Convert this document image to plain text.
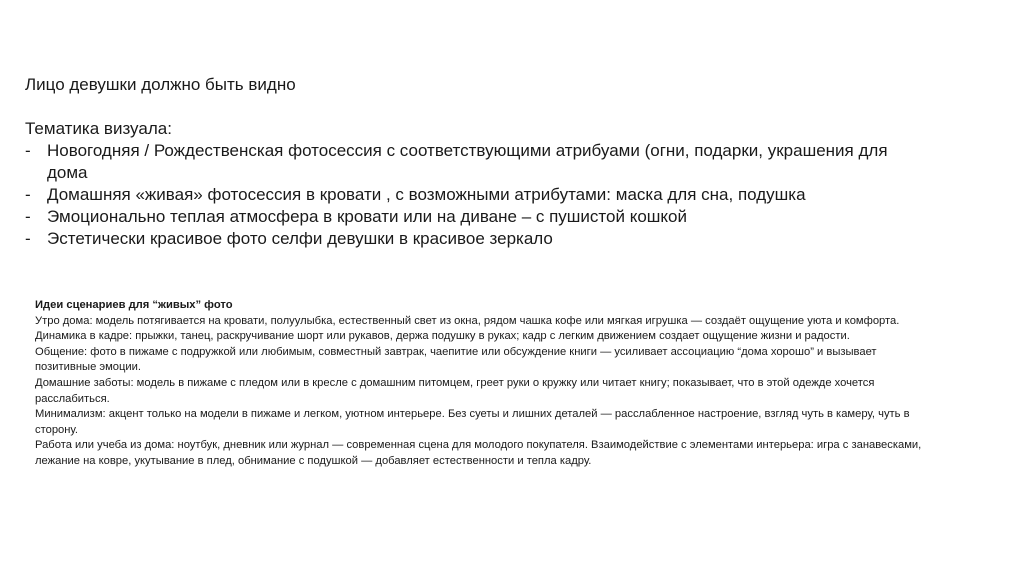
Лицо девушки должно быть видно

Тематика визуала:

- Новогодняя / Рождественская фотосессия с соответствующими атрибуами (огни, подарки, украшения для
дома
- Домашняя «живая» фотосессия в кровати , с возможными атрибутами: маска для сна, подушка
- Эмоционально теплая атмосфера в кровати или на диване – с пушистой кошкой
- Эстетически красивое фото селфи девушки в красивое зеркало

Идеи сценариев для “живых” фото

Утро дома: модель потягивается на кровати, полуулыбка, естественный свет из окна, рядом чашка кофе или мягкая игрушка — создаёт ощущение уюта и комфорта.

Динамика в кадре: прыжки, танец, раскручивание шорт или рукавов, держа подушку в руках; кадр с легким движением создает ощущение жизни и радости.

Общение: фото в пижаме с подружкой или любимым, совместный завтрак, чаепитие или обсуждение книги — усиливает ассоциацию “дома хорошо” и вызывает

позитивные эмоции.

Домашние заботы: модель в пижаме с пледом или в кресле с домашним питомцем, греет руки о кружку или читает книгу; показывает, что в этой одежде хочется

расслабиться.

Минимализм: акцент только на модели в пижаме и легком, уютном интерьере. Без суеты и лишних деталей — расслабленное настроение, взгляд чуть в камеру, чуть в

сторону.

Работа или учеба из дома: ноутбук, дневник или журнал — современная сцена для молодого покупателя. Взаимодействие с элементами интерьера: игра с занавесками,

лежание на ковре, укутывание в плед, обнимание с подушкой — добавляет естественности и тепла кадру.
